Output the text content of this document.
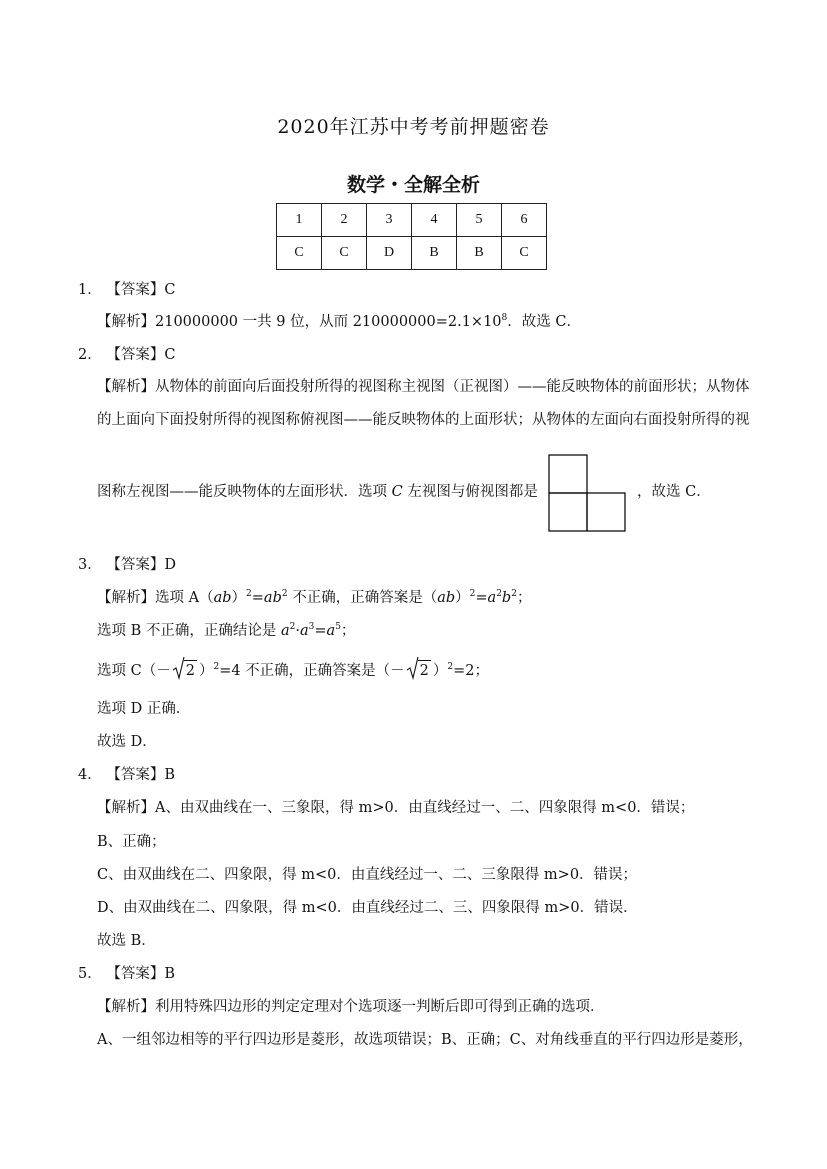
2020年江苏中考考前押题密卷
数学・全解全析
1	2	3	4	5	6
C	C	D	B	B	C
1． 【答案】C
【解析】210000000 一共 9 位，从而 $210000000=2.1\times 10^8$．故选 C．
2． 【答案】C
【解析】从物体的前面向后面投射所得的视图称主视图（正视图）——能反映物体的前面形状；从物体
的上面向下面投射所得的视图称俯视图——能反映物体的上面形状；从物体的左面向右面投射所得的视
图称左视图——能反映物体的左面形状．选项 C 左视图与俯视图都是	，故选 C．
3． 【答案】D
【解析】选项 $A(ab)^2=ab^2$ 不正确，正确答案是$(ab)^2=a^2b^2$；
选项 B 不正确，正确结论是 $a^2\cdot a^3=a^5$；
选项 C（－ 2 ）$^2$=4 不正确，正确答案是（－ 2 ）$^2$=2；
选项 D 正确．
故选 D．
4． 【答案】B
【解析】A、由双曲线在一、三象限，得 m>0．由直线经过一、二、四象限得 m<0．错误；
B、正确；
C、由双曲线在二、四象限，得 m<0．由直线经过一、二、三象限得 m>0．错误；
D、由双曲线在二、四象限，得 m<0．由直线经过二、三、四象限得 m>0．错误．
故选 B．
5． 【答案】B
【解析】利用特殊四边形的判定定理对个选项逐一判断后即可得到正确的选项．
A、一组邻边相等的平行四边形是菱形，故选项错误；B、正确；C、对角线垂直的平行四边形是菱形，
